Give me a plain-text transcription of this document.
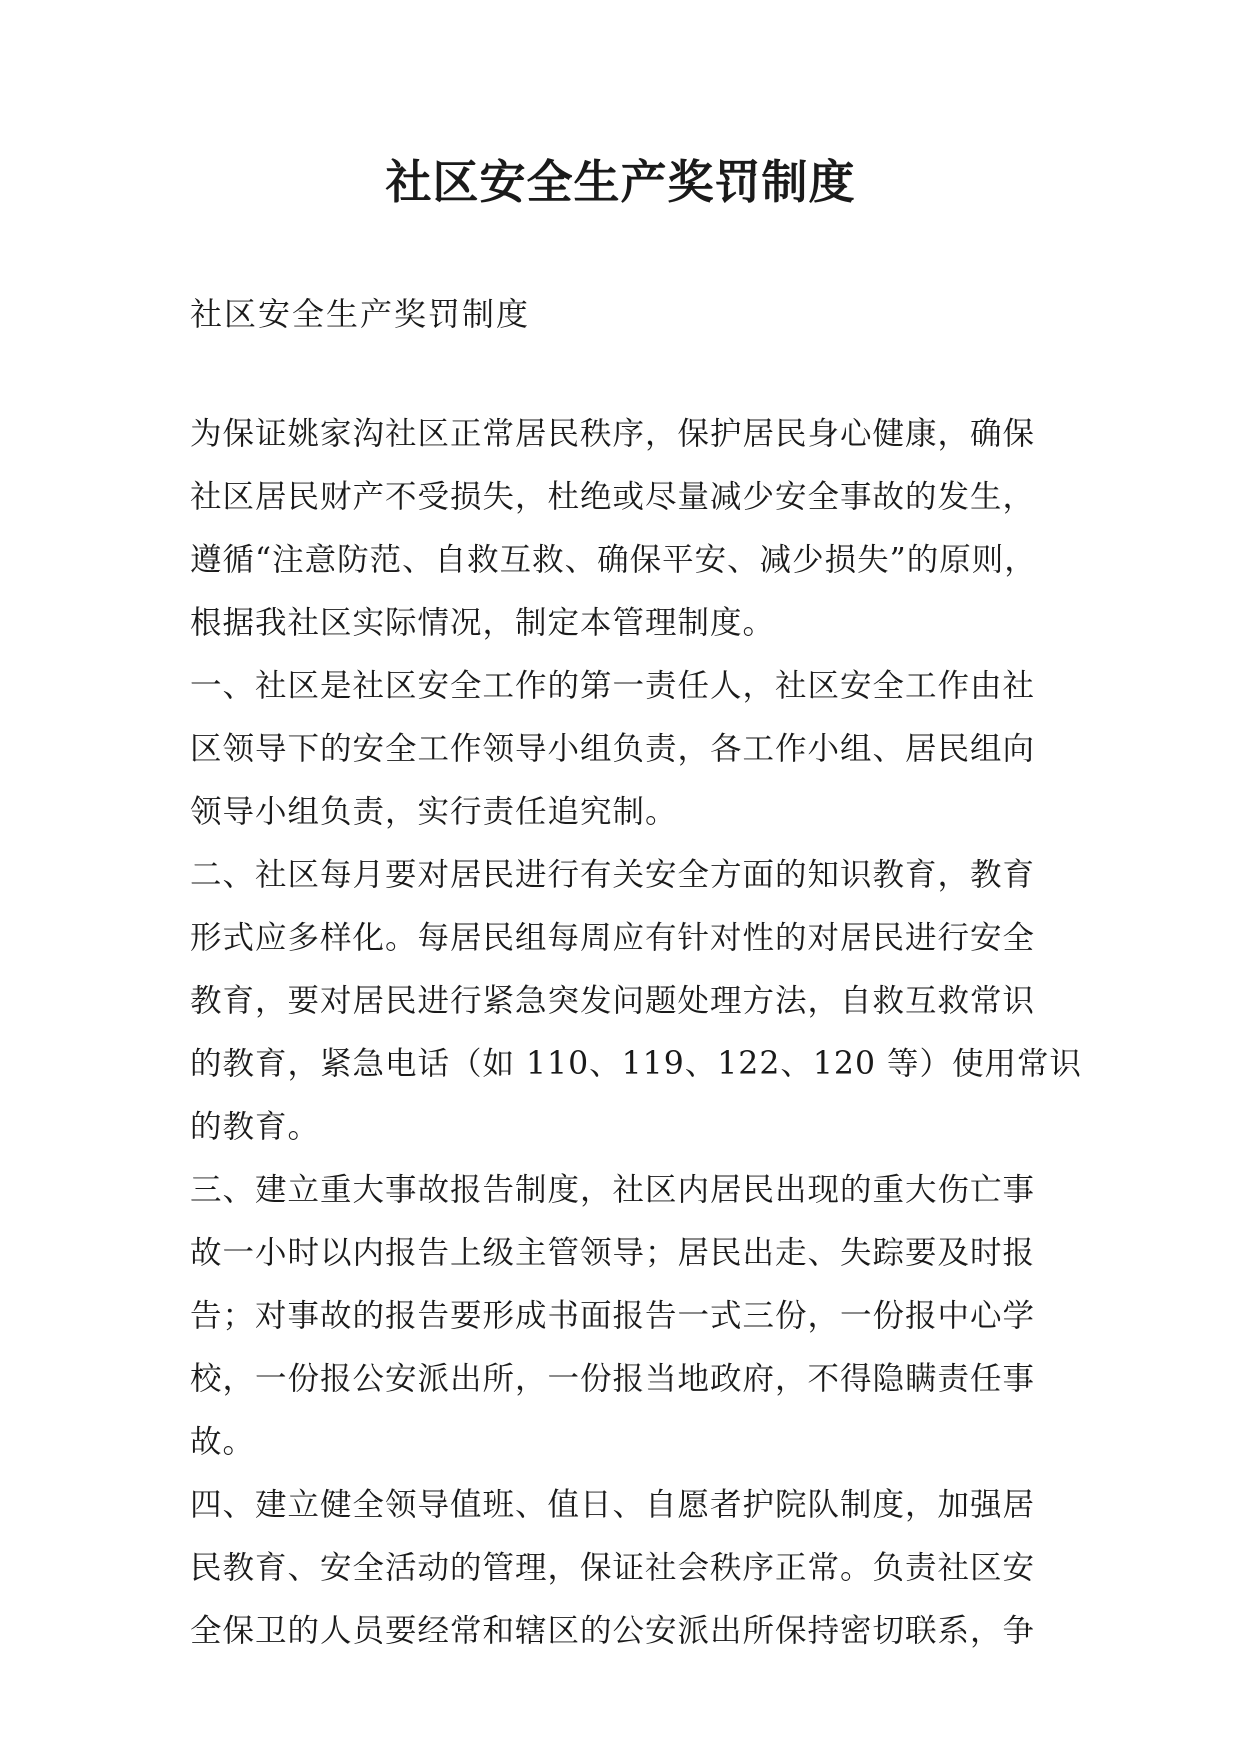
社区安全生产奖罚制度

社区安全生产奖罚制度

为保证姚家沟社区正常居民秩序，保护居民身心健康，确保
社区居民财产不受损失，杜绝或尽量减少安全事故的发生，
遵循“注意防范、自救互救、确保平安、减少损失”的原则，
根据我社区实际情况，制定本管理制度。
一、社区是社区安全工作的第一责任人，社区安全工作由社
区领导下的安全工作领导小组负责，各工作小组、居民组向
领导小组负责，实行责任追究制。
二、社区每月要对居民进行有关安全方面的知识教育，教育
形式应多样化。每居民组每周应有针对性的对居民进行安全
教育，要对居民进行紧急突发问题处理方法，自救互救常识
的教育，紧急电话（如 110、119、122、120 等）使用常识
的教育。
三、建立重大事故报告制度，社区内居民出现的重大伤亡事
故一小时以内报告上级主管领导；居民出走、失踪要及时报
告；对事故的报告要形成书面报告一式三份，一份报中心学
校，一份报公安派出所，一份报当地政府，不得隐瞒责任事
故。
四、建立健全领导值班、值日、自愿者护院队制度，加强居
民教育、安全活动的管理，保证社会秩序正常。负责社区安
全保卫的人员要经常和辖区的公安派出所保持密切联系，争
